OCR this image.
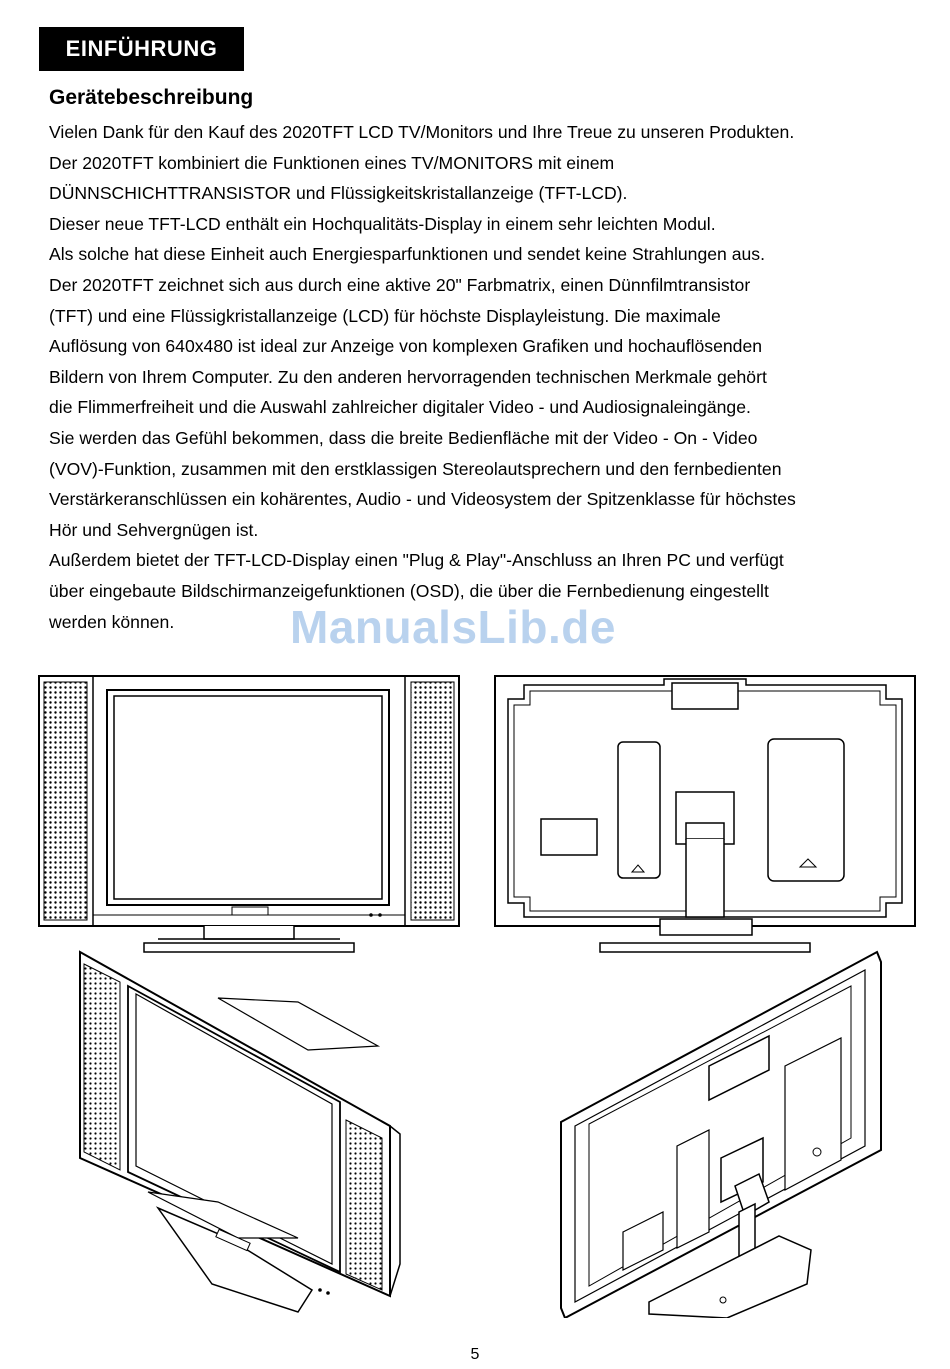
EINFÜHRUNG
Gerätebeschreibung
Vielen Dank für den Kauf des 2020TFT LCD TV/Monitors und Ihre Treue zu unseren Produkten.
Der 2020TFT kombiniert die Funktionen eines TV/MONITORS mit einem
DÜNNSCHICHTTRANSISTOR und Flüssigkeitskristallanzeige (TFT-LCD).
Dieser neue TFT-LCD enthält ein Hochqualitäts-Display in einem sehr leichten Modul.
Als solche hat diese Einheit auch Energiesparfunktionen und sendet keine Strahlungen aus.
Der 2020TFT zeichnet sich aus durch eine aktive 20" Farbmatrix, einen Dünnfilmtransistor
(TFT) und eine Flüssigkristallanzeige (LCD) für höchste Displayleistung. Die maximale
Auflösung von 640x480 ist ideal zur Anzeige von komplexen Grafiken und hochauflösenden
Bildern von Ihrem Computer. Zu den anderen hervorragenden technischen Merkmale gehört
die Flimmerfreiheit und die Auswahl zahlreicher digitaler Video - und Audiosignaleingänge.
Sie werden das Gefühl bekommen, dass die breite Bedienfläche mit der Video - On - Video
(VOV)-Funktion, zusammen mit den erstklassigen Stereolautsprechern und den fernbedienten
Verstärkeranschlüssen ein kohärentes, Audio - und Videosystem der Spitzenklasse für höchstes
Hör und Sehvergnügen ist.
Außerdem bietet der TFT-LCD-Display einen "Plug & Play"-Anschluss an Ihren PC und verfügt
über eingebaute Bildschirmanzeigefunktionen (OSD), die über die Fernbedienung eingestellt
werden können.	ManualsLib.de
5
